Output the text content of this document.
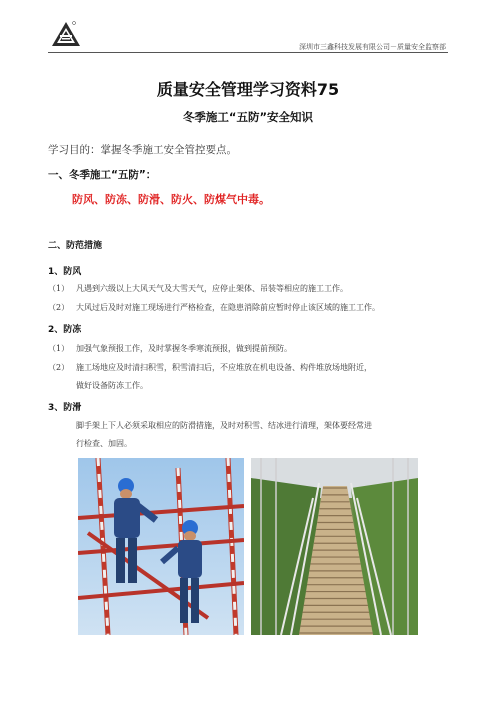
深圳市三鑫科技发展有限公司－质量安全监察部
质量安全管理学习资料75
冬季施工“五防”安全知识
学习目的：掌握冬季施工安全管控要点。
一、冬季施工“五防”：
防风、防冻、防滑、防火、防煤气中毒。
二、防范措施
1、防风
（1） 凡遇到六级以上大风天气及大雪天气，应停止架体、吊装等相应的施工工作。
（2） 大风过后及时对施工现场进行严格检查，在隐患消除前应暂时停止该区域的施工工作。
2、防冻
（1） 加强气象预报工作，及时掌握冬季寒流预报，做到提前预防。
（2） 施工场地应及时清扫积雪，积雪清扫后，不应堆放在机电设备、构件堆放场地附近，
做好设备防冻工作。
3、防滑
脚手架上下人必须采取相应的防滑措施，及时对积雪、结冰进行清理，架体要经常进
行检查、加固。
